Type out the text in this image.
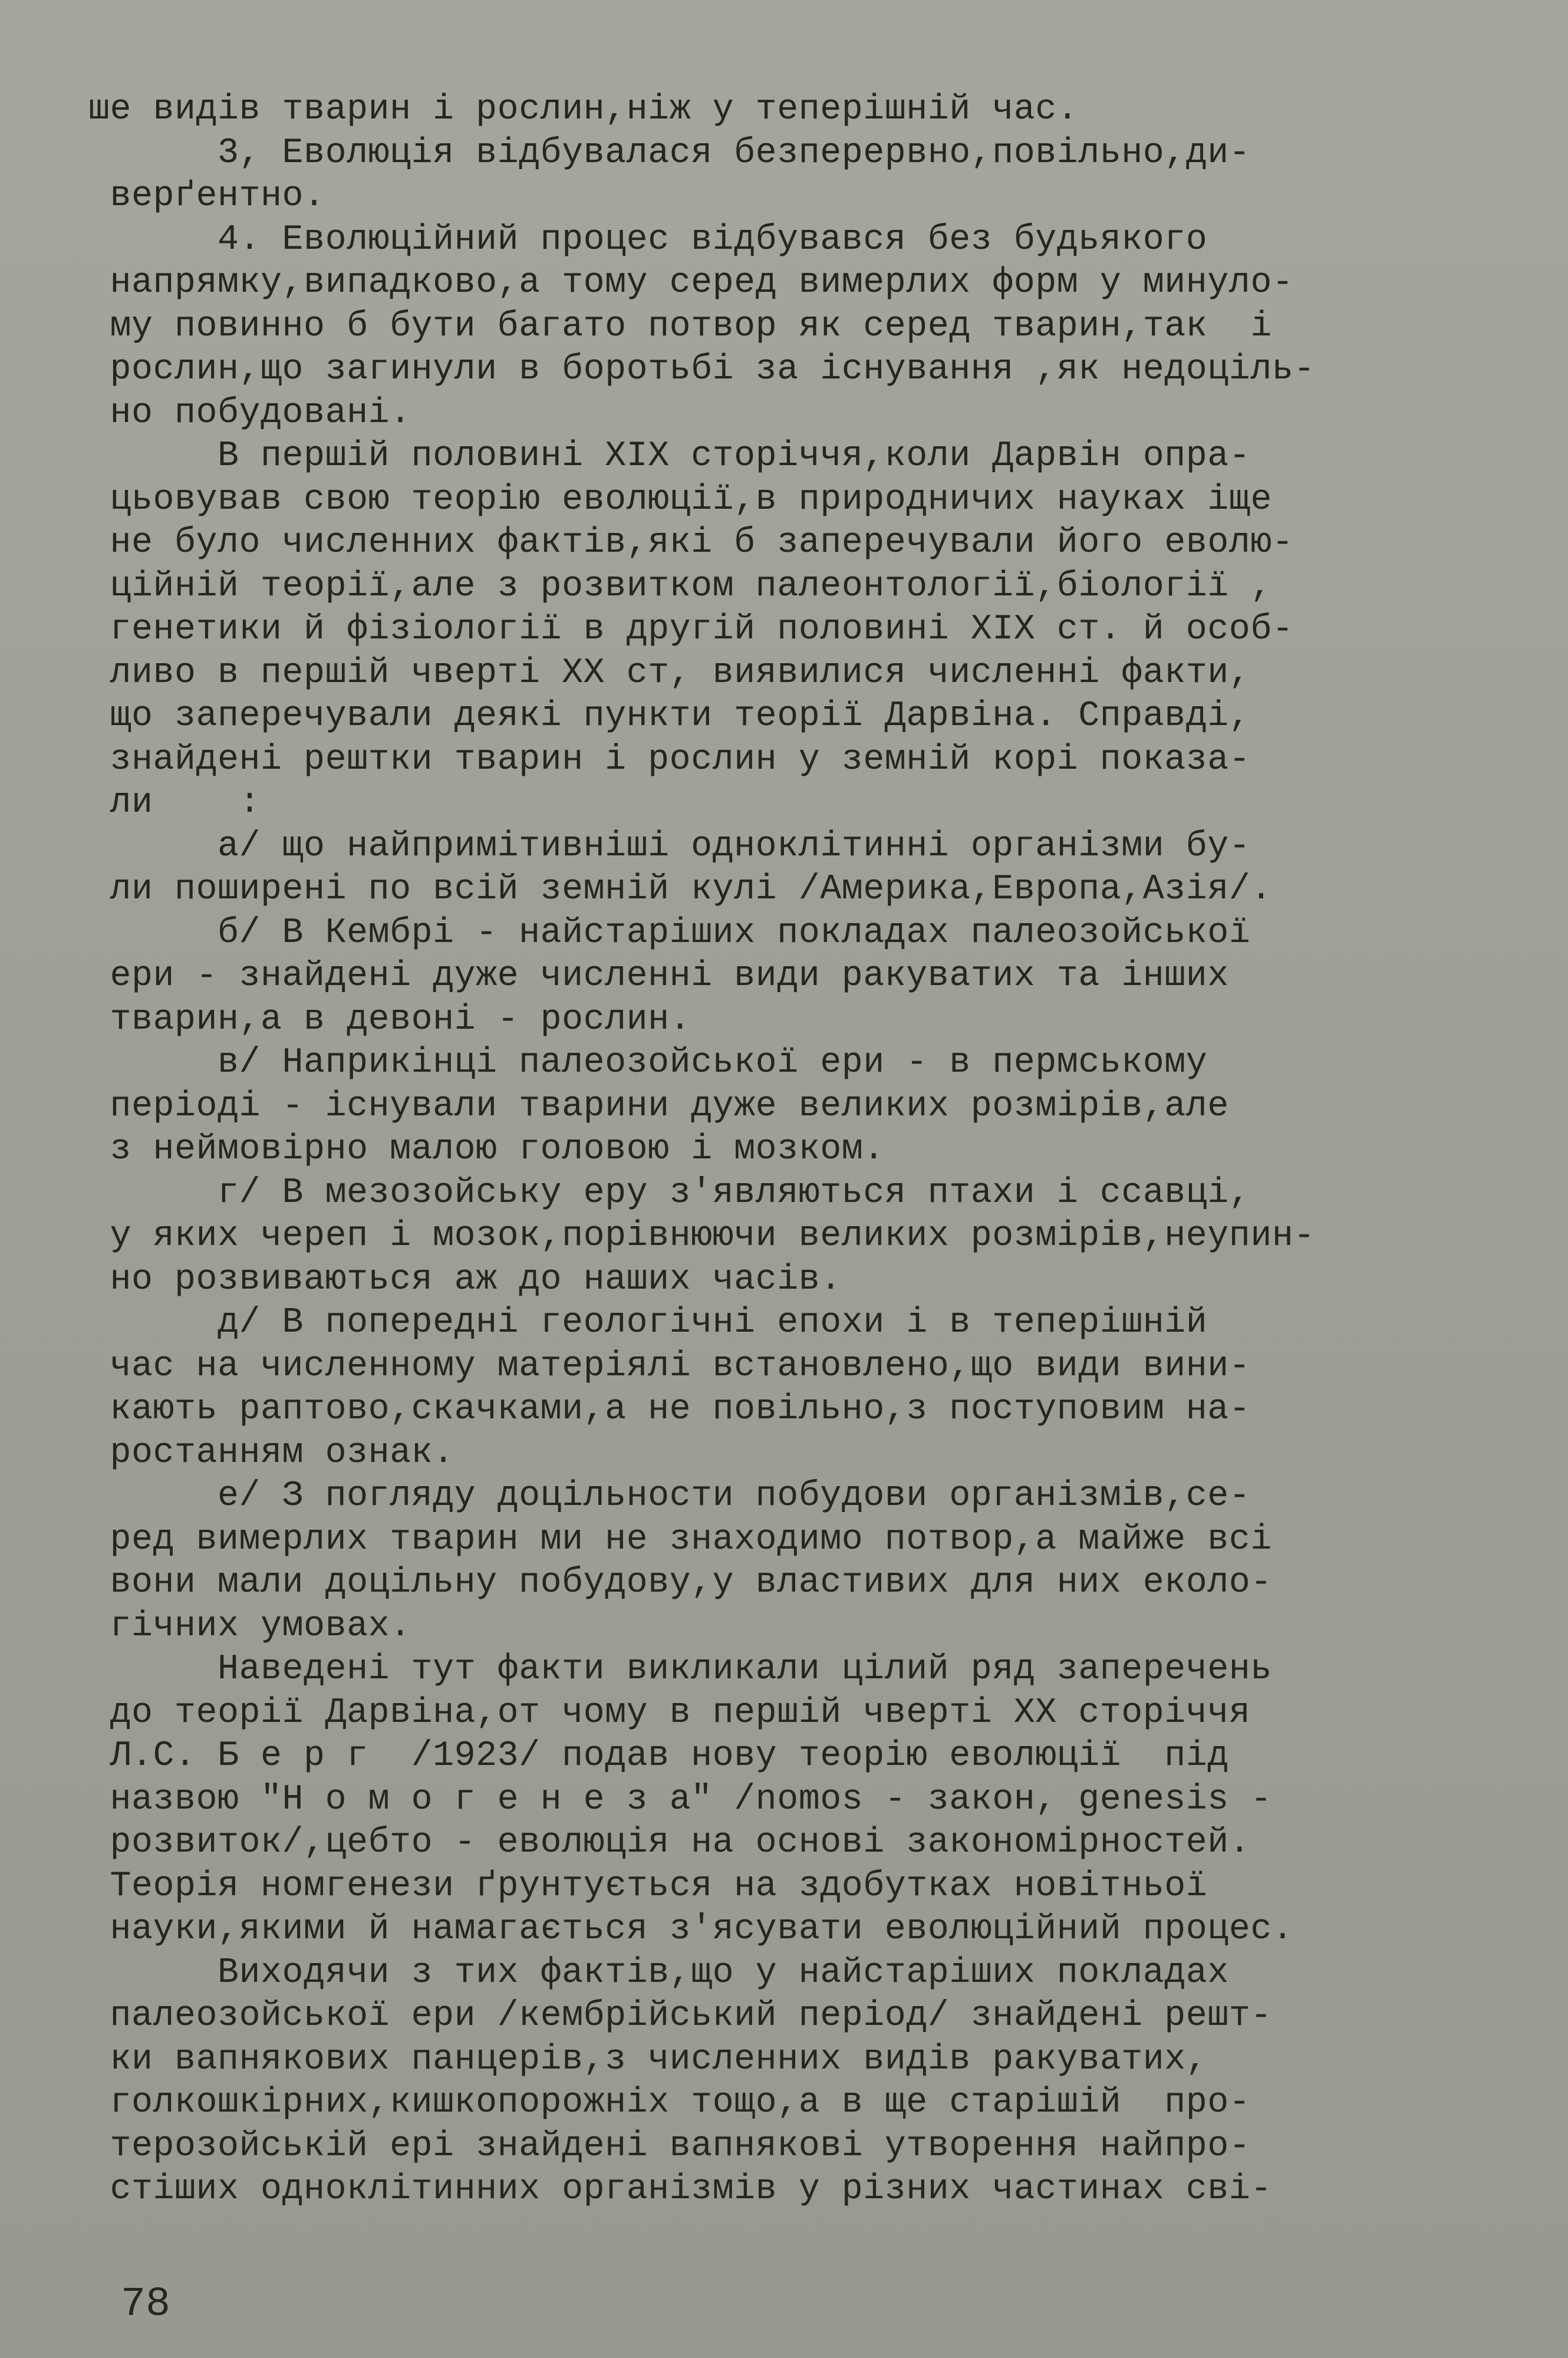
ше видів тварин і рослин,ніж у теперішній час.
3, Еволюція відбувалася безперервно,повільно,ди-
верґентно.
4. Еволюційний процес відбувався без будьякого
напрямку,випадково,а тому серед вимерлих форм у минуло-
му повинно б бути багато потвор як серед тварин,так  і
рослин,що загинули в боротьбі за існування ,як недоціль-
но побудовані.
В першій половині XIX сторіччя,коли Дарвін опра-
цьовував свою теорію еволюції,в природничих науках іще
не було численних фактів,які б заперечували його еволю-
ційній теорії,але з розвитком палеонтології,біології ,
генетики й фізіології в другій половині XIX ст. й особ-
ливо в першій чверті XX ст, виявилися численні факти,
що заперечували деякі пункти теорії Дарвіна. Справді,
знайдені рештки тварин і рослин у земній корі показа-
ли    :
а/ що найпримітивніші одноклітинні організми бу-
ли поширені по всій земній кулі /Америка,Европа,Азія/.
б/ В Кембрі - найстаріших покладах палеозойської
ери - знайдені дуже численні види ракуватих та інших
тварин,а в девоні - рослин.
в/ Наприкінці палеозойської ери - в пермському
періоді - існували тварини дуже великих розмірів,але
з неймовірно малою головою і мозком.
г/ В мезозойську еру з'являються птахи і ссавці,
у яких череп і мозок,порівнюючи великих розмірів,неупин-
но розвиваються аж до наших часів.
д/ В попередні геологічні епохи і в теперішній
час на численному матеріялі встановлено,що види вини-
кають раптово,скачками,а не повільно,з поступовим на-
ростанням ознак.
е/ З погляду доцільности побудови організмів,се-
ред вимерлих тварин ми не знаходимо потвор,а майже всі
вони мали доцільну побудову,у властивих для них еколо-
гічних умовах.
Наведені тут факти викликали цілий ряд заперечень
до теорії Дарвіна,от чому в першій чверті XX сторіччя
Л.С. Б е р г  /1923/ подав нову теорію еволюції  під
назвою "Н о м о г е н е з а" /nomos - закон, genesis -
розвиток/,цебто - еволюція на основі закономірностей.
Теорія номгенези ґрунтується на здобутках новітньої
науки,якими й намагається з'ясувати еволюційний процес.
Виходячи з тих фактів,що у найстаріших покладах
палеозойської ери /кембрійський період/ знайдені решт-
ки вапнякових панцерів,з численних видів ракуватих,
голкошкірних,кишкопорожніх тощо,а в ще старішій  про-
терозойській ері знайдені вапнякові утворення найпро-
стіших одноклітинних організмів у різних частинах сві-
78
